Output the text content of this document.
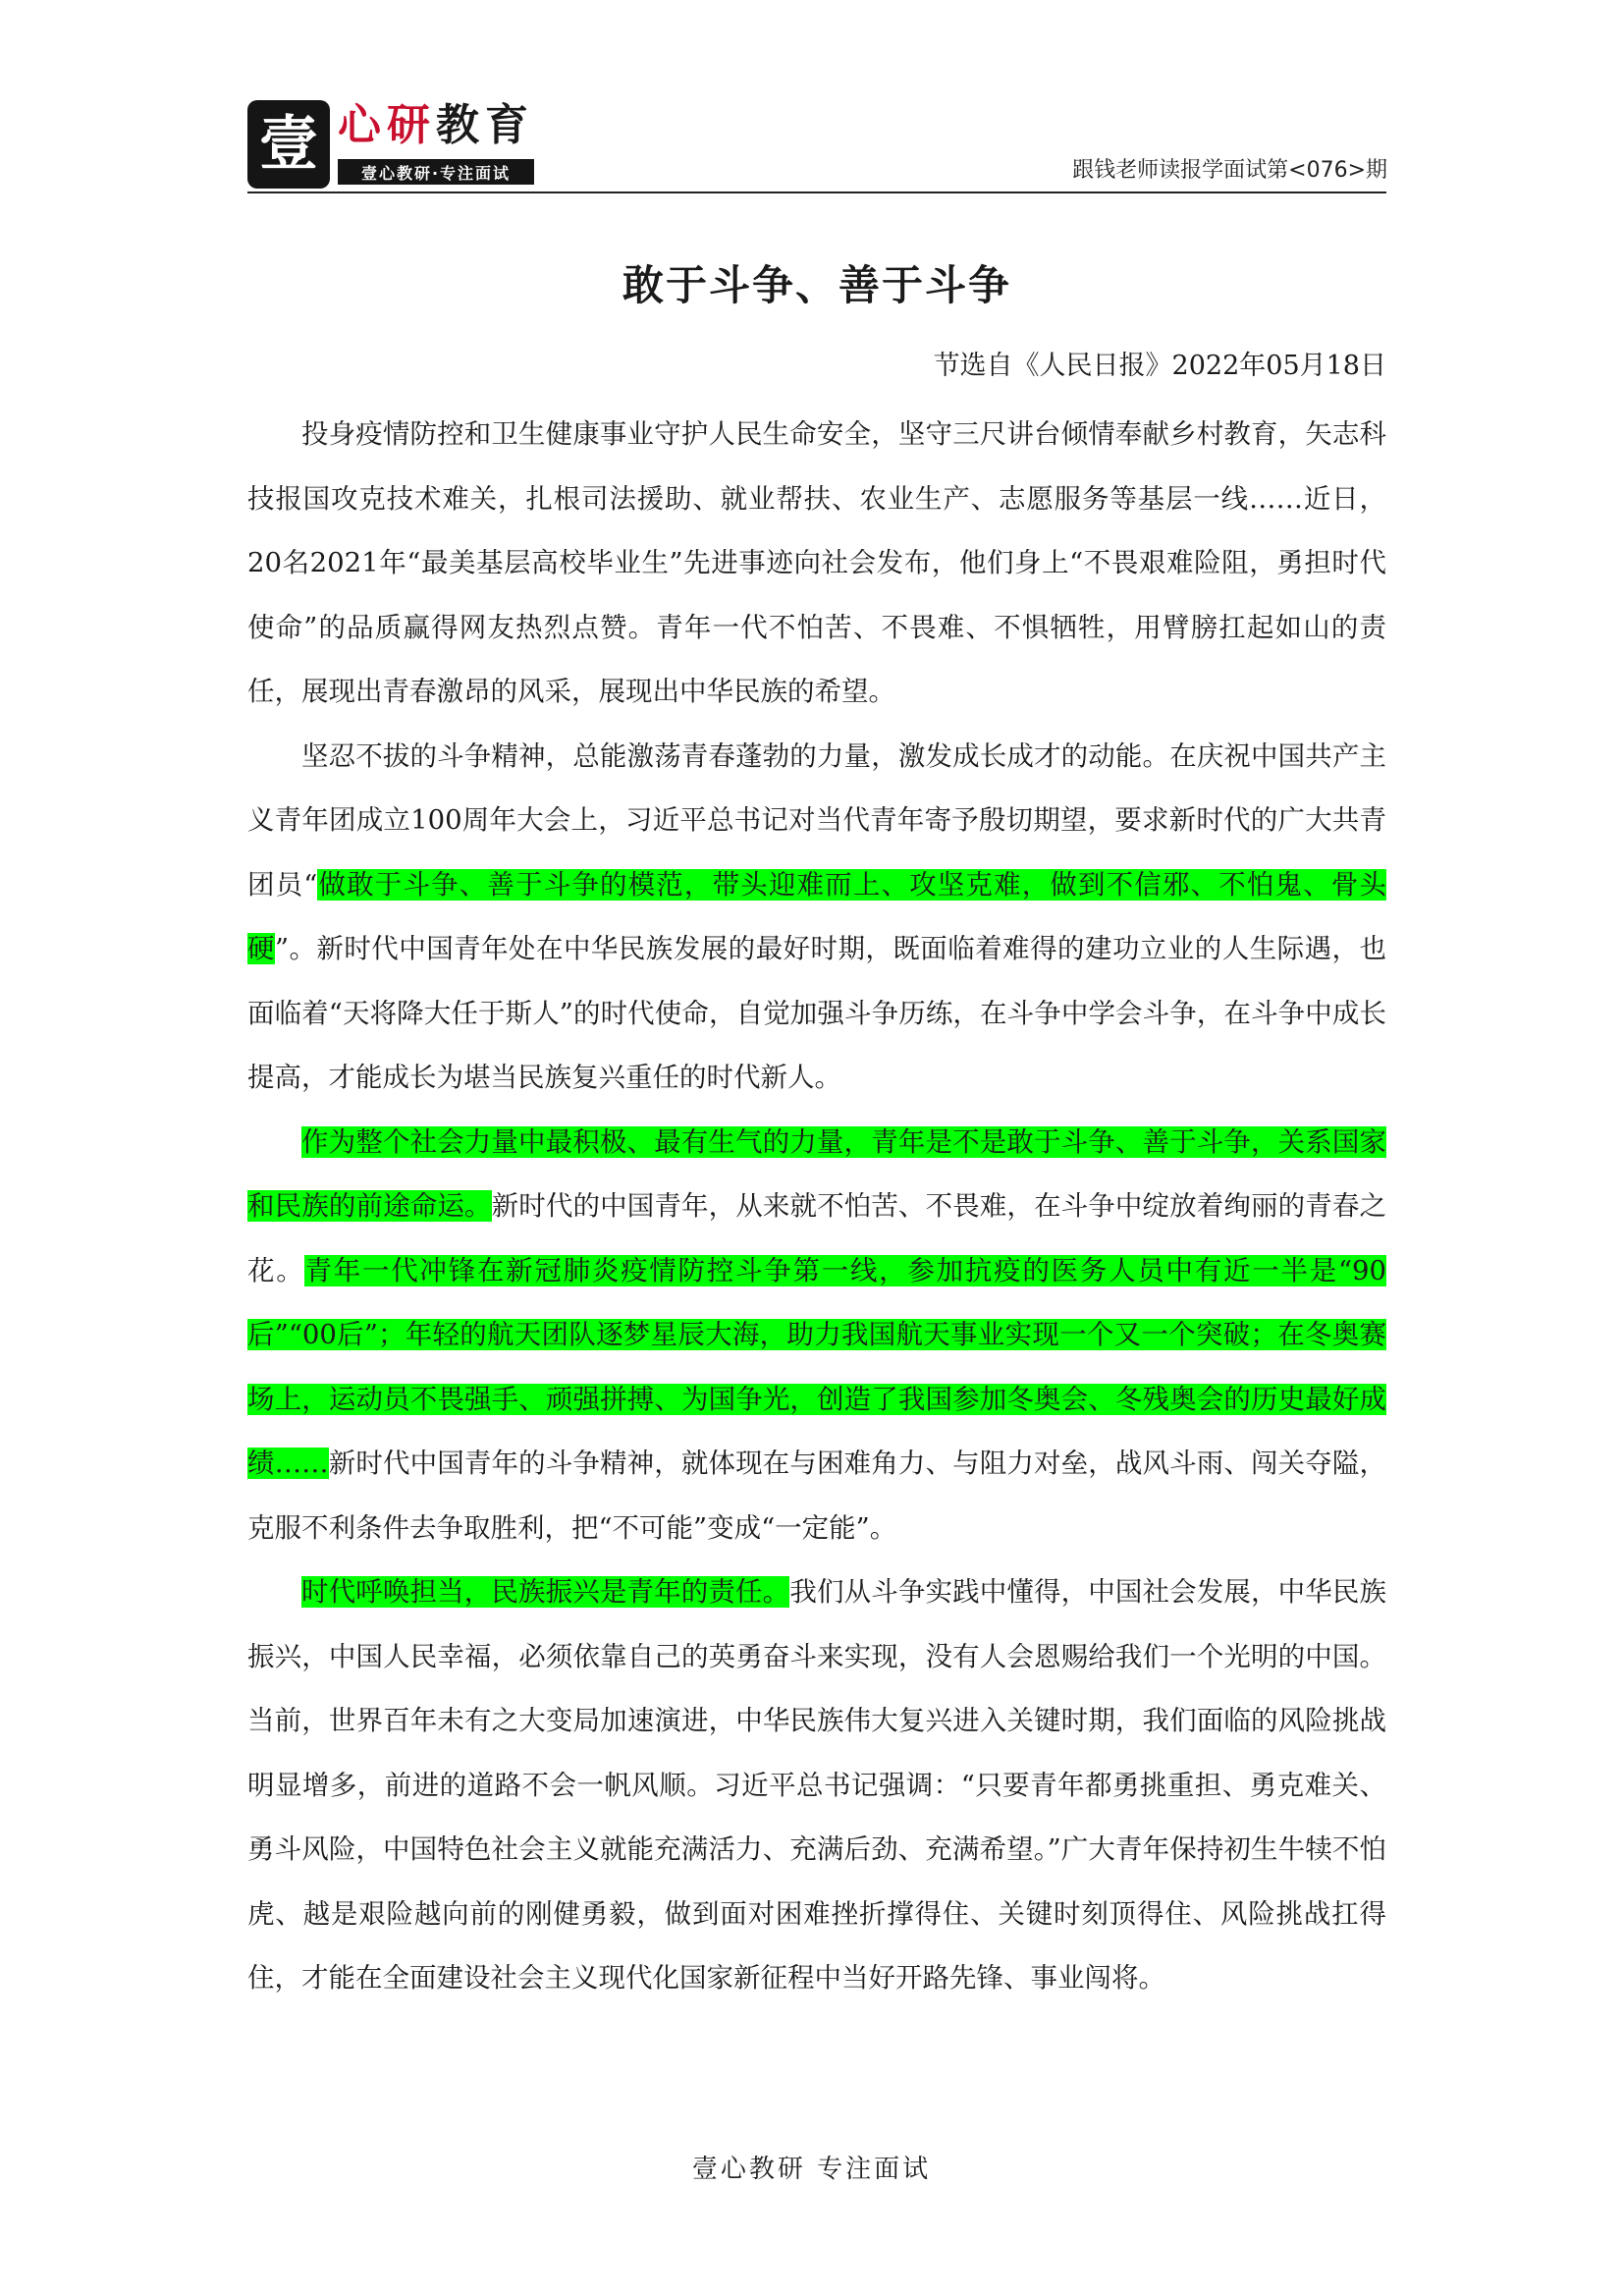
壹 心研教育
壹心教研·专注面试	跟钱老师读报学面试第<076>期
敢于斗争、善于斗争
节选自《人民日报》2022年05月18日

投身疫情防控和卫生健康事业守护人民生命安全，坚守三尺讲台倾情奉献乡村教育，矢志科技报国攻克技术难关，扎根司法援助、就业帮扶、农业生产、志愿服务等基层一线……近日，20名2021年“最美基层高校毕业生”先进事迹向社会发布，他们身上“不畏艰难险阻，勇担时代使命”的品质赢得网友热烈点赞。青年一代不怕苦、不畏难、不惧牺牲，用臂膀扛起如山的责任，展现出青春激昂的风采，展现出中华民族的希望。

坚忍不拔的斗争精神，总能激荡青春蓬勃的力量，激发成长成才的动能。在庆祝中国共产主义青年团成立100周年大会上，习近平总书记对当代青年寄予殷切期望，要求新时代的广大共青团员“做敢于斗争、善于斗争的模范，带头迎难而上、攻坚克难，做到不信邪、不怕鬼、骨头硬”。新时代中国青年处在中华民族发展的最好时期，既面临着难得的建功立业的人生际遇，也面临着“天将降大任于斯人”的时代使命，自觉加强斗争历练，在斗争中学会斗争，在斗争中成长提高，才能成长为堪当民族复兴重任的时代新人。

作为整个社会力量中最积极、最有生气的力量，青年是不是敢于斗争、善于斗争，关系国家和民族的前途命运。新时代的中国青年，从来就不怕苦、不畏难，在斗争中绽放着绚丽的青春之花。青年一代冲锋在新冠肺炎疫情防控斗争第一线，参加抗疫的医务人员中有近一半是“90后”“00后”；年轻的航天团队逐梦星辰大海，助力我国航天事业实现一个又一个突破；在冬奥赛场上，运动员不畏强手、顽强拼搏、为国争光，创造了我国参加冬奥会、冬残奥会的历史最好成绩……新时代中国青年的斗争精神，就体现在与困难角力、与阻力对垒，战风斗雨、闯关夺隘，克服不利条件去争取胜利，把“不可能”变成“一定能”。

时代呼唤担当，民族振兴是青年的责任。我们从斗争实践中懂得，中国社会发展，中华民族振兴，中国人民幸福，必须依靠自己的英勇奋斗来实现，没有人会恩赐给我们一个光明的中国。当前，世界百年未有之大变局加速演进，中华民族伟大复兴进入关键时期，我们面临的风险挑战明显增多，前进的道路不会一帆风顺。习近平总书记强调：“只要青年都勇挑重担、勇克难关、勇斗风险，中国特色社会主义就能充满活力、充满后劲、充满希望。”广大青年保持初生牛犊不怕虎、越是艰险越向前的刚健勇毅，做到面对困难挫折撑得住、关键时刻顶得住、风险挑战扛得住，才能在全面建设社会主义现代化国家新征程中当好开路先锋、事业闯将。

壹心教研 专注面试
